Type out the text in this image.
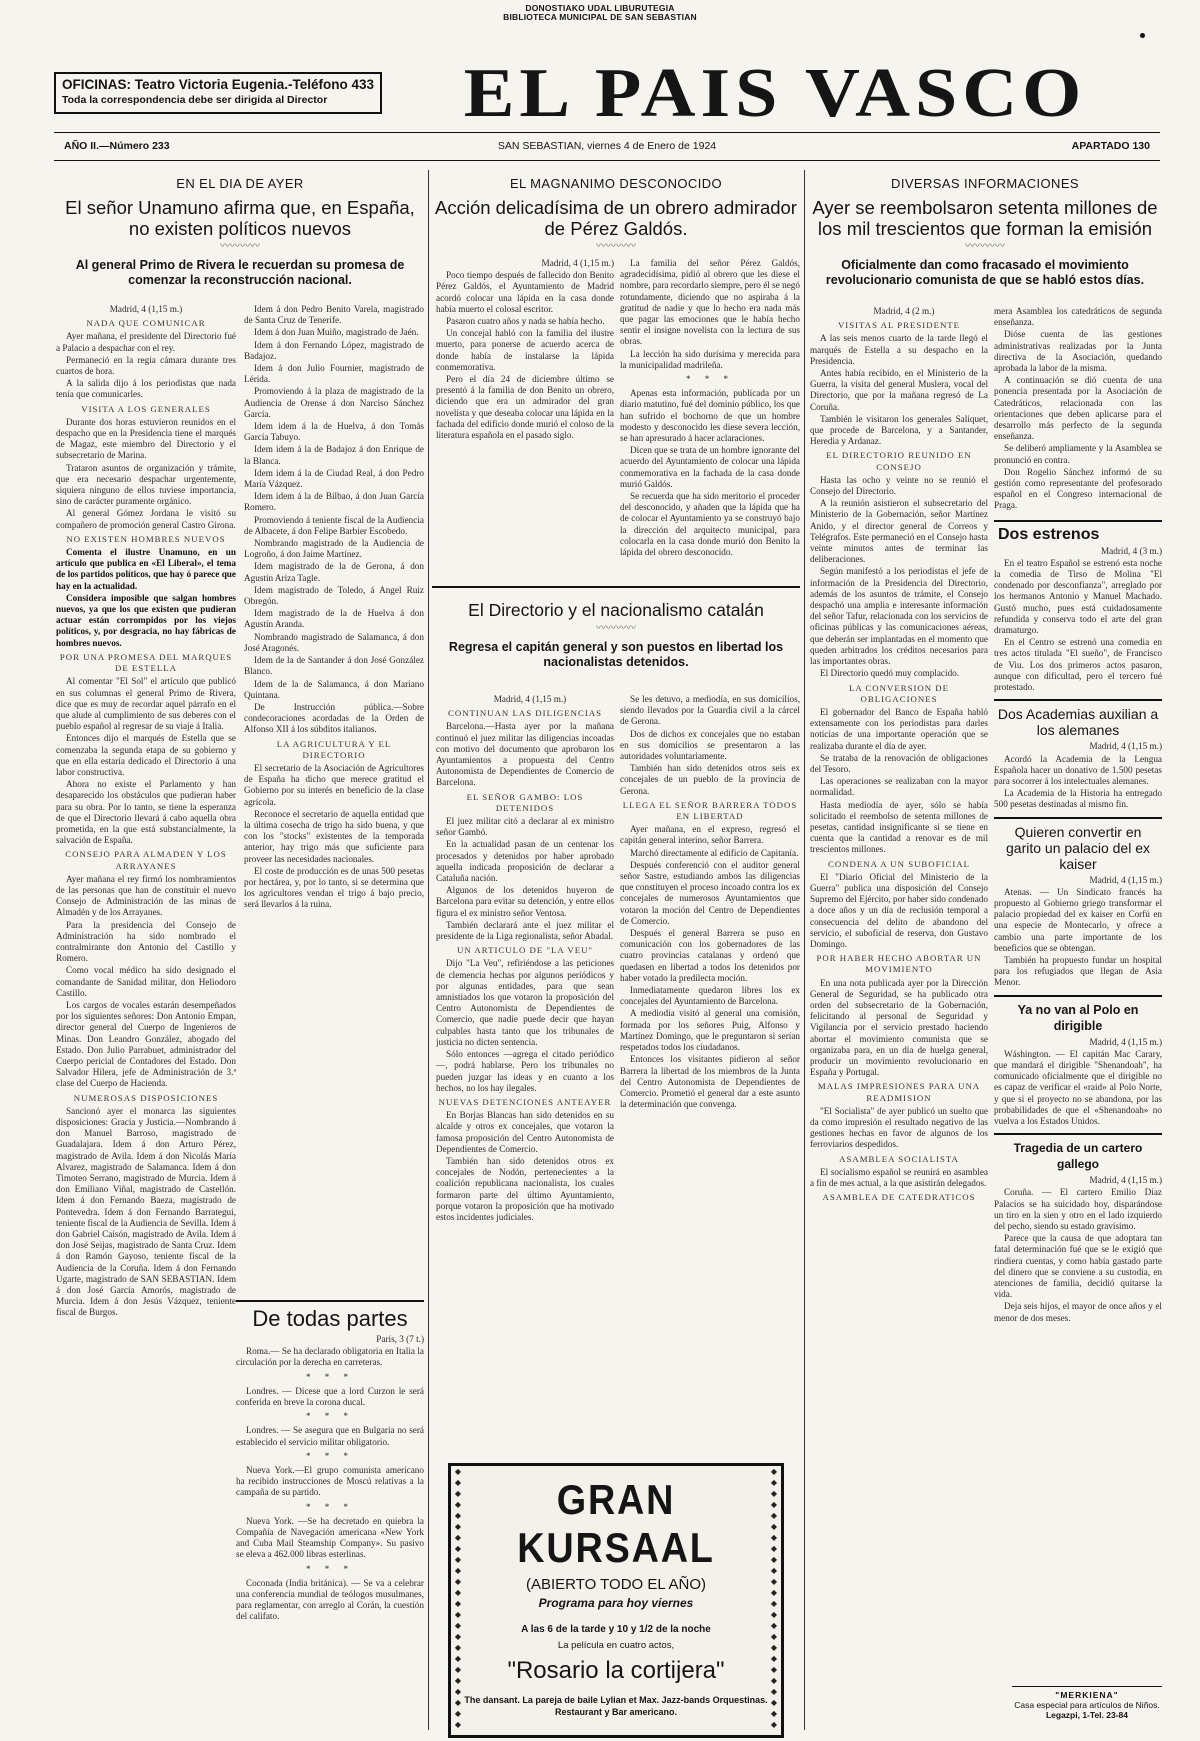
DONOSTIAKO UDAL LIBURUTEGIA
BIBLIOTECA MUNICIPAL DE SAN SEBASTIAN
OFICINAS: Teatro Victoria Eugenia.-Teléfono 433
Toda la correspondencia debe ser dirigida al Director	EL PAIS VASCO
AÑO II.—Número 233	SAN SEBASTIAN, viernes 4 de Enero de 1924	APARTADO 130
EN EL DIA DE AYER
El señor Unamuno afirma que, en España, no existen políticos nuevos
〰〰〰〰
Al general Primo de Rivera le recuerdan su promesa de comenzar la reconstrucción nacional.

Madrid, 4 (1,15 m.)

NADA QUE COMUNICAR

Ayer mañana, el presidente del Directorio fué a Palacio a despachar con el rey.

Permaneció en la regia cámara durante tres cuartos de hora.

A la salida dijo á los periodistas que nada tenía que comunicarles.

VISITA A LOS GENERALES

Durante dos horas estuvieron reunidos en el despacho que en la Presidencia tiene el marqués de Magaz, este miembro del Directorio y el subsecretario de Marina.

Trataron asuntos de organización y trámite, que era necesario despachar urgentemente, siquiera ninguno de ellos tuviese importancia, sino de carácter puramente orgánico.

Al general Gómez Jordana le visitó su compañero de promoción general Castro Girona.

NO EXISTEN HOMBRES NUEVOS

Comenta el ilustre Unamuno, en un artículo que publica en «El Liberal», el tema de los partidos políticos, que hay ó parece que hay en la actualidad.

Considera imposible que salgan hombres nuevos, ya que los que existen que pudieran actuar están corrompidos por los viejos políticos, y, por desgracia, no hay fábricas de hombres nuevos.

POR UNA PROMESA DEL MARQUES DE ESTELLA

Al comentar "El Sol" el artículo que publicó en sus columnas el general Primo de Rivera, dice que es muy de recordar aquel párrafo en el que alude al cumplimiento de sus deberes con el pueblo español al regresar de su viaje á Italia.

Entonces dijo el marqués de Estella que se comenzaba la segunda etapa de su gobierno y que en ella estaría dedicado el Directorio á una labor constructiva.

Ahora no existe el Parlamento y han desaparecido los obstáculos que pudieran haber para su obra. Por lo tanto, se tiene la esperanza de que el Directorio llevará á cabo aquella obra prometida, en la que está substancialmente, la salvación de España.

CONSEJO PARA ALMADEN Y LOS ARRAYANES

Ayer mañana el rey firmó los nombramientos de las personas que han de constituir el nuevo Consejo de Administración de las minas de Almadén y de los Arrayanes.

Para la presidencia del Consejo de Administración ha sido nombrado el contralmirante don Antonio del Castillo y Romero.

Como vocal médico ha sido designado el comandante de Sanidad militar, don Heliodoro Castillo.

Los cargos de vocales estarán desempeñados por los siguientes señores: Don Antonio Empan, director general del Cuerpo de Ingenieros de Minas. Don Leandro González, abogado del Estado. Don Julio Parrabuet, administrador del Cuerpo pericial de Contadores del Estado. Don Salvador Hilera, jefe de Administración de 3.ª clase del Cuerpo de Hacienda.

NUMEROSAS DISPOSICIONES

Sancionó ayer el monarca las siguientes disposiciones: Gracia y Justicia.—Nombrando á don Manuel Barroso, magistrado de Guadalajara. Idem á don Arturo Pérez, magistrado de Avila. Idem á don Nicolás María Alvarez, magistrado de Salamanca. Idem á don Timoteo Serrano, magistrado de Murcia. Idem á don Emiliano Viñal, magistrado de Castellón. Idem á don Fernando Baeza, magistrado de Pontevedra. Idem á don Fernando Barrategui, teniente fiscal de la Audiencia de Sevilla. Idem á don Gabriel Caisón, magistrado de Avila. Idem á don José Seijas, magistrado de Santa Cruz. Idem á don Ramón Gayoso, teniente fiscal de la Audiencia de la Coruña. Idem á don Fernando Ugarte, magistrado de SAN SEBASTIAN. Idem á don José García Amorós, magistrado de Murcia. Idem á don Jesús Vázquez, teniente fiscal de Burgos.

Idem á don Pedro Benito Varela, magistrado de Santa Cruz de Tenerife.

Idem á don Juan Muiño, magistrado de Jaén.

Idem á don Fernando López, magistrado de Badajoz.

Idem á don Julio Fournier, magistrado de Lérida.

Promoviendo á la plaza de magistrado de la Audiencia de Orense á don Narciso Sánchez García.

Idem idem á la de Huelva, á don Tomás García Tabuyo.

Idem idem á la de Badajoz á don Enrique de la Blanca.

Idem idem á la de Ciudad Real, á don Pedro María Vázquez.

Idem idem á la de Bilbao, á don Juan García Romero.

Promoviendo á teniente fiscal de la Audiencia de Albacete, á don Felipe Barbier Escobedo.

Nombrando magistrado de la Audiencia de Logroño, á don Jaime Martínez.

Idem magistrado de la de Gerona, á don Agustín Ariza Tagle.

Idem magistrado de Toledo, á Angel Ruiz Obregón.

Idem magistrado de la de Huelva á don Agustín Aranda.

Nombrando magistrado de Salamanca, á don José Aragonés.

Idem de la de Santander á don José González Blanco.

Idem de la de Salamanca, á don Mariano Quintana.

De Instrucción pública.—Sobre condecoraciones acordadas de la Orden de Alfonso XII á los súbditos italianos.

LA AGRICULTURA Y EL DIRECTORIO

El secretario de la Asociación de Agricultores de España ha dicho que merece gratitud el Gobierno por su interés en beneficio de la clase agrícola.

Reconoce el secretario de aquella entidad que la última cosecha de trigo ha sido buena, y que con los "stocks" existentes de la temporada anterior, hay trigo más que suficiente para proveer las necesidades nacionales.

El coste de producción es de unas 500 pesetas por hectárea, y, por lo tanto, si se determina que los agricultores vendan el trigo á bajo precio, será llevarlos á la ruina.

De todas partes

París, 3 (7 t.)

Roma.— Se ha declarado obligatoria en Italia la circulación por la derecha en carreteras.

* * *

Londres. — Dicese que a lord Curzon le será conferida en breve la corona ducal.

* * *

Londres. — Se asegura que en Bulgaria no será establecido el servicio militar obligatorio.

* * *

Nueva York.—El grupo comunista americano ha recibido instrucciones de Moscú relativas a la campaña de su partido.

* * *

Nueva York. —Se ha decretado en quiebra la Compañía de Navegación americana «New York and Cuba Mail Steamship Company». Su pasivo se eleva a 462.000 libras esterlinas.

* * *

Coconada (India británica). — Se va a celebrar una conferencia mundial de teólogos musulmanes, para reglamentar, con arreglo al Corán, la cuestión del califato.

EL MAGNANIMO DESCONOCIDO
Acción delicadísima de un obrero admirador de Pérez Galdós.
〰〰〰〰

Madrid, 4 (1,15 m.)

Poco tiempo después de fallecido don Benito Pérez Galdós, el Ayuntamiento de Madrid acordó colocar una lápida en la casa donde había muerto el colosal escritor.

Pasaron cuatro años y nada se había hecho.

Un concejal habló con la familia del ilustre muerto, para ponerse de acuerdo acerca de donde había de instalarse la lápida conmemorativa.

Pero el día 24 de diciembre último se presentó á la familia de don Benito un obrero, diciendo que era un admirador del gran novelista y que deseaba colocar una lápida en la fachada del edificio donde murió el coloso de la literatura española en el pasado siglo.

La familia del señor Pérez Galdós, agradecidísima, pidió al obrero que les diese el nombre, para recordarlo siempre, pero él se negó rotundamente, diciendo que no aspiraba á la gratitud de nadie y que lo hecho era nada más que pagar las emociones que le había hecho sentir el insigne novelista con la lectura de sus obras.

La lección ha sido durísima y merecida para la municipalidad madrileña.

* * *

Apenas esta información, publicada por un diario matutino, fué del dominio público, los que han sufrido el bochorno de que un hombre modesto y desconocido les diese severa lección, se han apresurado á hacer aclaraciones.

Dicen que se trata de un hombre ignorante del acuerdo del Ayuntamiento de colocar una lápida conmemorativa en la fachada de la casa donde murió Galdós.

Se recuerda que ha sido meritorio el proceder del desconocido, y añaden que la lápida que ha de colocar el Ayuntamiento ya se construyó bajo la dirección del arquitecto municipal, para colocarla en la casa donde murió don Benito la lápida del obrero desconocido.

El Directorio y el nacionalismo catalán
〰〰〰〰
Regresa el capitán general y son puestos en libertad los nacionalistas detenidos.

Madrid, 4 (1,15 m.)

CONTINUAN LAS DILIGENCIAS

Barcelona.—Hasta ayer por la mañana continuó el juez militar las diligencias incoadas con motivo del documento que aprobaron los Ayuntamientos a propuesta del Centro Autonomista de Dependientes de Comercio de Barcelona.

EL SEÑOR GAMBO: LOS DETENIDOS

El juez militar citó a declarar al ex ministro señor Gambó.

En la actualidad pasan de un centenar los procesados y detenidos por haber aprobado aquella indicada proposición de declarar a Cataluña nación.

Algunos de los detenidos huyeron de Barcelona para evitar su detención, y entre ellos figura el ex ministro señor Ventosa.

También declarará ante el juez militar el presidente de la Liga regionalista, señor Abadal.

UN ARTICULO DE "LA VEU"

Dijo "La Veu", refiriéndose a las peticiones de clemencia hechas por algunos periódicos y por algunas entidades, para que sean amnistiados los que votaron la proposición del Centro Autonomista de Dependientes de Comercio, que nadie puede decir que hayan culpables hasta tanto que los tribunales de justicia no dicten sentencia.

Sólo entonces —agrega el citado periódico—, podrá hablarse. Pero los tribunales no pueden juzgar las ideas y en cuanto a los hechos, no los hay ilegales.

NUEVAS DETENCIONES ANTEAYER

En Borjas Blancas han sido detenidos en su alcalde y otros ex concejales, que votaron la famosa proposición del Centro Autonomista de Dependientes de Comercio.

También han sido detenidos otros ex concejales de Nodón, pertenecientes a la coalición republicana nacionalista, los cuales formaron parte del último Ayuntamiento, porque votaron la proposición que ha motivado estos incidentes judiciales.

Se les detuvo, a mediodía, en sus domicilios, siendo llevados por la Guardia civil a la cárcel de Gerona.

Dos de dichos ex concejales que no estaban en sus domicilios se presentaron a las autoridades voluntariamente.

También han sido detenidos otros seis ex concejales de un pueblo de la provincia de Gerona.

LLEGA EL SEÑOR BARRERA TODOS EN LIBERTAD

Ayer mañana, en el expreso, regresó el capitán general interino, señor Barrera.

Marchó directamente al edificio de Capitanía.

Después conferenció con el auditor general señor Sastre, estudiando ambos las diligencias que constituyen el proceso incoado contra los ex concejales de numerosos Ayuntamientos que votaron la moción del Centro de Dependientes de Comercio.

Después el general Barrera se puso en comunicación con los gobernadores de las cuatro provincias catalanas y ordenó que quedasen en libertad a todos los detenidos por haber votado la predilecta moción.

Inmediatamente quedaron libres los ex concejales del Ayuntamiento de Barcelona.

A mediodía visitó al general una comisión, formada por los señores Puig, Alfonso y Martínez Domingo, que le preguntaron si serían respetados todos los ciudadanos.

Entonces los visitantes pidieron al señor Barrera la libertad de los miembros de la Junta del Centro Autonomista de Dependientes de Comercio. Prometió el general dar a este asunto la determinación que convenga.

◆
◆
◆
◆
◆
◆
◆
◆
◆
◆
◆
◆
◆
◆
◆
◆
◆
◆
◆
◆
◆
◆
◆
◆
◆
◆
◆
◆
◆
◆
◆
◆
◆
◆
◆
◆
◆
◆
◆
◆
◆
◆
◆
◆
◆
◆
◆
◆
GRAN KURSAAL
(ABIERTO TODO EL AÑO)
Programa para hoy viernes
A las 6 de la tarde y 10 y 1/2 de la noche
La película en cuatro actos,
"Rosario la cortijera"
The dansant. La pareja de baile Lylian et Max. Jazz-bands Orquestinas.
Restaurant y Bar americano.
DIVERSAS INFORMACIONES
Ayer se reembolsaron setenta millones de los mil trescientos que forman la emisión
〰〰〰〰
Oficialmente dan como fracasado el movimiento revolucionario comunista de que se habló estos días.

Madrid, 4 (2 m.)

VISITAS AL PRESIDENTE

A las seis menos cuarto de la tarde llegó el marqués de Estella a su despacho en la Presidencia.

Antes había recibido, en el Ministerio de la Guerra, la visita del general Muslera, vocal del Directorio, que por la mañana regresó de La Coruña.

También le visitaron los generales Saliquet, que procede de Barcelona, y a Santander, Heredia y Ardanaz.

EL DIRECTORIO REUNIDO EN CONSEJO

Hasta las ocho y veinte no se reunió el Consejo del Directorio.

A la reunión asistieron el subsecretario del Ministerio de la Gobernación, señor Martínez Anido, y el director general de Correos y Telégrafos. Este permaneció en el Consejo hasta veinte minutos antes de terminar las deliberaciones.

Según manifestó a los periodistas el jefe de información de la Presidencia del Directorio, además de los asuntos de trámite, el Consejo despachó una amplia e interesante información del señor Tafur, relacionada con los servicios de oficinas públicas y las comunicaciones aéreas, que deberán ser implantadas en el momento que queden arbitrados los créditos necesarios para las importantes obras.

El Directorio quedó muy complacido.

LA CONVERSION DE OBLIGACIONES

El gobernador del Banco de España habló extensamente con los periodistas para darles noticias de una importante operación que se realizaba durante el día de ayer.

Se trataba de la renovación de obligaciones del Tesoro.

Las operaciones se realizaban con la mayor normalidad.

Hasta mediodía de ayer, sólo se había solicitado el reembolso de setenta millones de pesetas, cantidad insignificante si se tiene en cuenta que la cantidad a renovar es de mil trescientos millones.

CONDENA A UN SUBOFICIAL

El "Diario Oficial del Ministerio de la Guerra" publica una disposición del Consejo Supremo del Ejército, por haber sido condenado a doce años y un día de reclusión temporal a consecuencia del delito de abandono del servicio, el suboficial de reserva, don Gustavo Domingo.

POR HABER HECHO ABORTAR UN MOVIMIENTO

En una nota publicada ayer por la Dirección General de Seguridad, se ha publicado otra orden del subsecretario de la Gobernación, felicitando al personal de Seguridad y Vigilancia por el servicio prestado haciendo abortar el movimiento comunista que se organizaba para, en un día de huelga general, producir un movimiento revolucionario en España y Portugal.

MALAS IMPRESIONES PARA UNA READMISION

"El Socialista" de ayer publicó un suelto que da como impresión el resultado negativo de las gestiones hechas en favor de algunos de los ferroviarios despedidos.

ASAMBLEA SOCIALISTA

El socialismo español se reunirá en asamblea a fin de mes actual, a la que asistirán delegados.

ASAMBLEA DE CATEDRATICOS

mera Asamblea los catedráticos de segunda enseñanza.

Dióse cuenta de las gestiones administrativas realizadas por la Junta directiva de la Asociación, quedando aprobada la labor de la misma.

A continuación se dió cuenta de una ponencia presentada por la Asociación de Catedráticos, relacionada con las orientaciones que deben aplicarse para el desarrollo más perfecto de la segunda enseñanza.

Se deliberó ampliamente y la Asamblea se pronunció en contra.

Don Rogelio Sánchez informó de su gestión como representante del profesorado español en el Congreso internacional de Praga.

Dos estrenos

Madrid, 4 (3 m.)

En el teatro Español se estrenó esta noche la comedia de Tirso de Molina "El condenado por desconfianza", arreglado por los hermanos Antonio y Manuel Machado. Gustó mucho, pues está cuidadosamente refundida y conserva todo el arte del gran dramaturgo.

En el Centro se estrenó una comedia en tres actos titulada "El sueño", de Francisco de Viu. Los dos primeros actos pasaron, aunque con dificultad, pero el tercero fué protestado.

Dos Academias auxilian a los alemanes

Madrid, 4 (1,15 m.)

Acordó la Academia de la Lengua Española hacer un donativo de 1.500 pesetas para socorrer á los intelectuales alemanes.

La Academia de la Historia ha entregado 500 pesetas destinadas al mismo fin.

Quieren convertir en garito un palacio del ex kaiser

Madrid, 4 (1,15 m.)

Atenas. — Un Sindicato francés ha propuesto al Gobierno griego transformar el palacio propiedad del ex kaiser en Corfú en una especie de Montecarlo, y ofrece a cambio una parte importante de los beneficios que se obtengan.

También ha propuesto fundar un hospital para los refugiados que llegan de Asia Menor.

Ya no van al Polo en dirigible

Madrid, 4 (1,15 m.)

Wáshington. — El capitán Mac Carary, que mandará el dirigible "Shenandoah", ha comunicado oficialmente que el dirigible no es capaz de verificar el «raid» al Polo Norte, y que si el proyecto no se abandona, por las probabilidades de que el «Shenandoah» no vuelva a los Estados Unidos.

Tragedia de un cartero gallego

Madrid, 4 (1,15 m.)

Coruña. — El cartero Emilio Díaz Palacios se ha suicidado hoy, disparándose un tiro en la sien y otro en el lado izquierdo del pecho, siendo su estado gravísimo.

Parece que la causa de que adoptara tan fatal determinación fué que se le exigió que rindiera cuentas, y como había gastado parte del dinero que se conviene a su custodia, en atenciones de familia, decidió quitarse la vida.

Deja seis hijos, el mayor de once años y el menor de dos meses.

"MERKIENA"
Casa especial para artículos de Niños.
Legazpi, 1-Tel. 23-84
